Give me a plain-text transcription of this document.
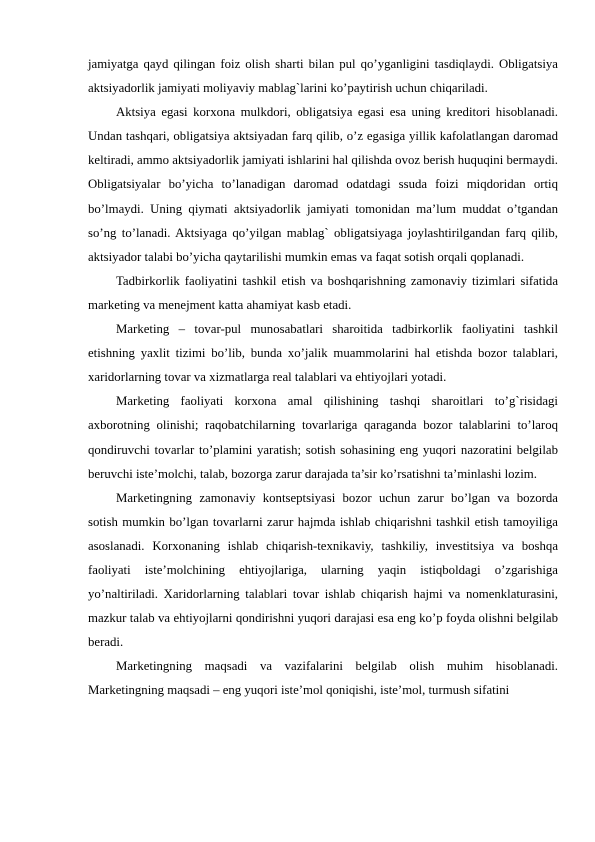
jamiyatga qayd qilingan foiz olish sharti bilan pul qo’yganligini tasdiqlaydi. Obligatsiya aktsiyadorlik jamiyati moliyaviy mablag`larini ko’paytirish uchun chiqariladi.

Aktsiya egasi korxona mulkdori, obligatsiya egasi esa uning kreditori hisoblanadi. Undan tashqari, obligatsiya aktsiyadan farq qilib, o’z egasiga yillik kafolatlangan daromad keltiradi, ammo aktsiyadorlik jamiyati ishlarini hal qilishda ovoz berish huquqini bermaydi. Obligatsiyalar bo’yicha to’lanadigan daromad odatdagi ssuda foizi miqdoridan ortiq bo’lmaydi. Uning qiymati aktsiyadorlik jamiyati tomonidan ma’lum muddat o’tgandan so’ng to’lanadi. Aktsiyaga qo’yilgan mablag` obligatsiyaga joylashtirilgandan farq qilib, aktsiyador talabi bo’yicha qaytarilishi mumkin emas va faqat sotish orqali qoplanadi.

Tadbirkorlik faoliyatini tashkil etish va boshqarishning zamonaviy tizimlari sifatida marketing va menejment katta ahamiyat kasb etadi.

Marketing – tovar-pul munosabatlari sharoitida tadbirkorlik faoliyatini tashkil etishning yaxlit tizimi bo’lib, bunda xo’jalik muammolarini hal etishda bozor talablari, xaridorlarning tovar va xizmatlarga real talablari va ehtiyojlari yotadi.

Marketing faoliyati korxona amal qilishining tashqi sharoitlari to’g`risidagi axborotning olinishi; raqobatchilarning tovarlariga qaraganda bozor talablarini to’laroq qondiruvchi tovarlar to’plamini yaratish; sotish sohasining eng yuqori nazoratini belgilab beruvchi iste’molchi, talab, bozorga zarur darajada ta’sir ko’rsatishni ta’minlashi lozim.

Marketingning zamonaviy kontseptsiyasi bozor uchun zarur bo’lgan va bozorda sotish mumkin bo’lgan tovarlarni zarur hajmda ishlab chiqarishni tashkil etish tamoyiliga asoslanadi. Korxonaning ishlab chiqarish-texnikaviy, tashkiliy, investitsiya va boshqa faoliyati iste’molchining ehtiyojlariga, ularning yaqin istiqboldagi o’zgarishiga yo’naltiriladi. Xaridorlarning talablari tovar ishlab chiqarish hajmi va nomenklaturasini, mazkur talab va ehtiyojlarni qondirishni yuqori darajasi esa eng ko’p foyda olishni belgilab beradi.

Marketingning maqsadi va vazifalarini belgilab olish muhim hisoblanadi. Marketingning maqsadi – eng yuqori iste’mol qoniqishi, iste’mol, turmush sifatini
